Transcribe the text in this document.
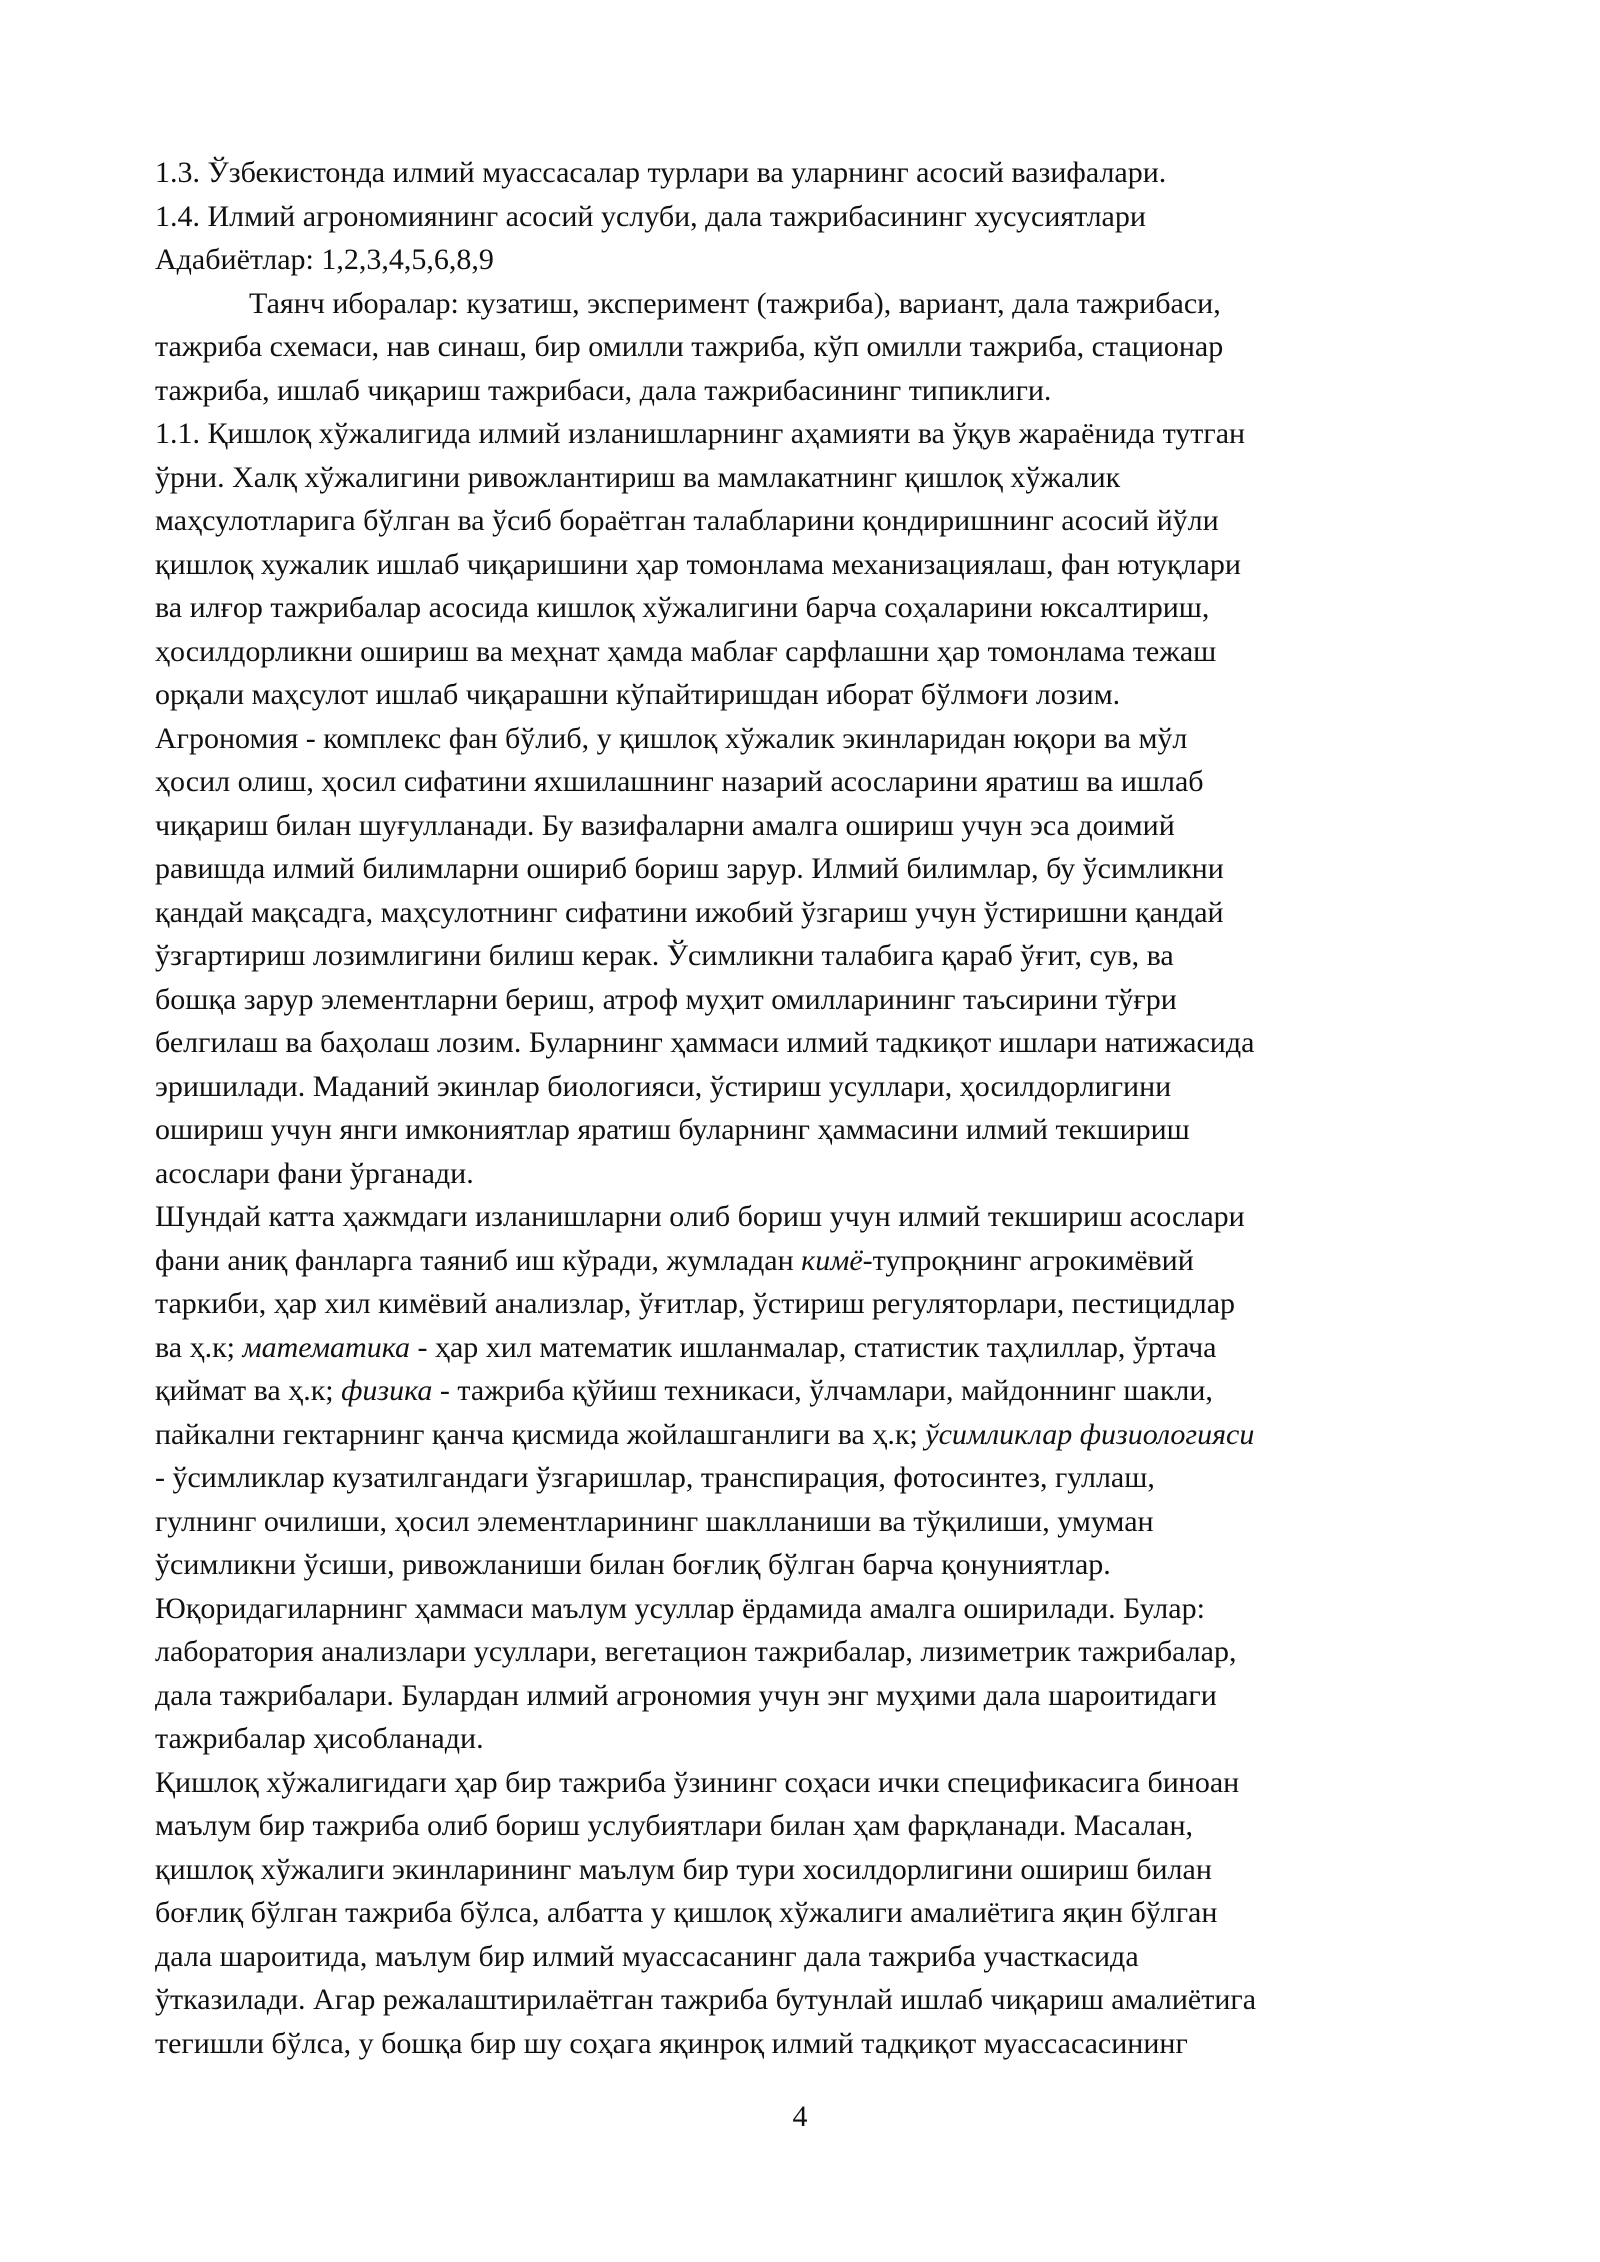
1.3. Ўзбекистонда илмий муассасалар турлари ва уларнинг асосий вазифалари.
1.4. Илмий агрономиянинг асосий услуби, дала тажрибасининг хусусиятлари
Адабиётлар: 1,2,3,4,5,6,8,9
Таянч иборалар: кузатиш, эксперимент (тажриба), вариант, дала тажрибаси,
тажриба схемаси, нав синаш, бир омилли тажриба, кўп омилли тажриба, стационар
тажриба, ишлаб чиқариш тажрибаси, дала тажрибасининг типиклиги.
1.1. Қишлоқ хўжалигида илмий изланишларнинг аҳамияти ва ўқув жараёнида тутган
ўрни. Халқ хўжалигини ривожлантириш ва мамлакатнинг қишлоқ хўжалик
маҳсулотларига бўлган ва ўсиб бораётган талабларини қондиришнинг асосий йўли
қишлоқ хужалик ишлаб чиқаришини ҳар томонлама механизациялаш, фан ютуқлари
ва илғор тажрибалар асосида кишлоқ хўжалигини барча соҳаларини юксалтириш,
ҳосилдорликни ошириш ва меҳнат ҳамда маблағ сарфлашни ҳар томонлама тежаш
орқали маҳсулот ишлаб чиқарашни кўпайтиришдан иборат бўлмоғи лозим.
Агрономия - комплекс фан бўлиб, у қишлоқ хўжалик экинларидан юқори ва мўл
ҳосил олиш, ҳосил сифатини яхшилашнинг назарий асосларини яратиш ва ишлаб
чиқариш билан шуғулланади. Бу вазифаларни амалга ошириш учун эса доимий
равишда илмий билимларни ошириб бориш зарур. Илмий билимлар, бу ўсимликни
қандай мақсадга, маҳсулотнинг сифатини ижобий ўзгариш учун ўстиришни қандай
ўзгартириш лозимлигини билиш керак. Ўсимликни талабига қараб ўғит, сув, ва
бошқа зарур элементларни бериш, атроф муҳит омилларининг таъсирини тўғри
белгилаш ва баҳолаш лозим. Буларнинг ҳаммаси илмий тадкиқот ишлари натижасида
эришилади. Маданий экинлар биологияси, ўстириш усуллари, ҳосилдорлигини
ошириш учун янги имкониятлар яратиш буларнинг ҳаммасини илмий текшириш
асослари фани ўрганади.
Шундай катта ҳажмдаги изланишларни олиб бориш учун илмий текшириш асослари
фани аниқ фанларга таяниб иш кўради, жумладан кимё-тупроқнинг агрокимёвий
таркиби, ҳар хил кимёвий анализлар, ўғитлар, ўстириш регуляторлари, пестицидлар
ва ҳ.к; математика - ҳар хил математик ишланмалар, статистик таҳлиллар, ўртача
қиймат ва ҳ.к; физика - тажриба қўйиш техникаси, ўлчамлари, майдоннинг шакли,
пайкални гектарнинг қанча қисмида жойлашганлиги ва ҳ.к; ўсимликлар физиологияси
- ўсимликлар кузатилгандаги ўзгаришлар, транспирация, фотосинтез, гуллаш,
гулнинг очилиши, ҳосил элементларининг шаклланиши ва тўқилиши, умуман
ўсимликни ўсиши, ривожланиши билан боғлиқ бўлган барча қонуниятлар.
Юқоридагиларнинг ҳаммаси маълум усуллар ёрдамида амалга оширилади. Булар:
лаборатория анализлари усуллари, вегетацион тажрибалар, лизиметрик тажрибалар,
дала тажрибалари. Булардан илмий агрономия учун энг муҳими дала шароитидаги
тажрибалар ҳисобланади.
Қишлоқ хўжалигидаги ҳар бир тажриба ўзининг соҳаси ички спецификасига биноан
маълум бир тажриба олиб бориш услубиятлари билан ҳам фарқланади. Масалан,
қишлоқ хўжалиги экинларининг маълум бир тури хосилдорлигини ошириш билан
боғлиқ бўлган тажриба бўлса, албатта у қишлоқ хўжалиги амалиётига яқин бўлган
дала шароитида, маълум бир илмий муассасанинг дала тажриба участкасида
ўтказилади. Агар режалаштирилаётган тажриба бутунлай ишлаб чиқариш амалиётига
тегишли бўлса, у бошқа бир шу соҳага яқинроқ илмий тадқиқот муассасасининг
4
